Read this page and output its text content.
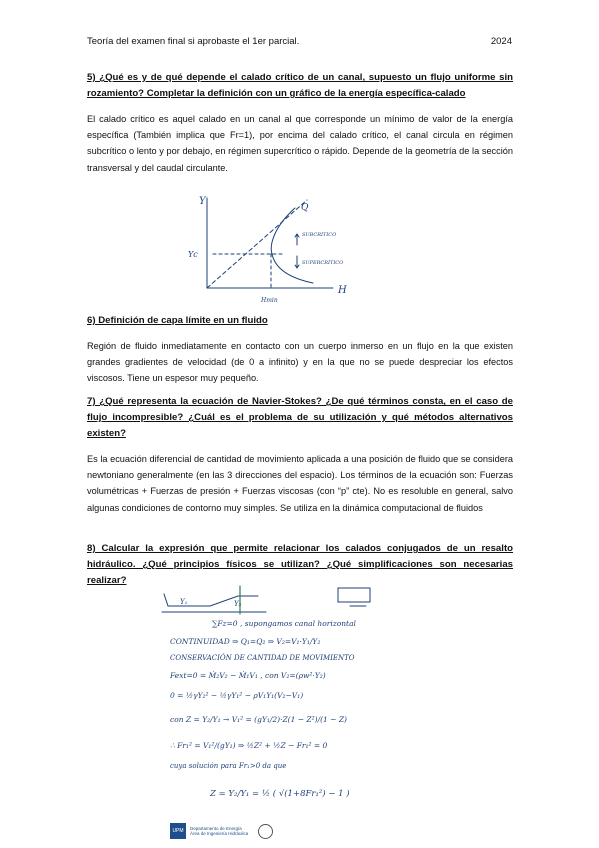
Teoría del examen final si aprobaste el 1er parcial.	2024
5) ¿Qué es y de qué depende el calado crítico de un canal, supuesto un flujo uniforme sin rozamiento? Completar la definición con un gráfico de la energía específica-calado
El calado crítico es aquel calado en un canal al que corresponde un mínimo de valor de la energía específica (También implica que Fr=1), por encima del calado crítico, el canal circula en régimen subcrítico o lento y por debajo, en régimen supercrítico o rápido. Depende de la geometría de la sección transversal y del caudal circulante.
Y
H
Q
Yc
Hmin
SUBCRÍTICO
SUPERCRÍTICO
6) Definición de capa límite en un fluido
Región de fluido inmediatamente en contacto con un cuerpo inmerso en un flujo en la que existen grandes gradientes de velocidad (de 0 a infinito) y en la que no se puede despreciar los efectos viscosos. Tiene un espesor muy pequeño.
7) ¿Qué representa la ecuación de Navier-Stokes? ¿De qué términos consta, en el caso de flujo incompresible? ¿Cuál es el problema de su utilización y qué métodos alternativos existen?
Es la ecuación diferencial de cantidad de movimiento aplicada a una posición de fluido que se considera newtoniano generalmente (en las 3 direcciones del espacio). Los términos de la ecuación son: Fuerzas volumétricas + Fuerzas de presión + Fuerzas viscosas (con “p” cte). No es resoluble en general, salvo algunas condiciones de contorno muy simples. Se utiliza en la dinámica computacional de fluidos
8) Calcular la expresión que permite relacionar los calados conjugados de un resalto hidráulico. ¿Qué principios físicos se utilizan? ¿Qué simplificaciones son necesarias realizar?
Y₁	Y₂
∑Fz=0 , supongamos canal horizontal
CONTINUIDAD ⇒ Q₁=Q₂ ⇒ V₂=V₁·Y₁/Y₂
CONSERVACIÓN DE CANTIDAD DE MOVIMIENTO
Fext=0 = Ṁ₂V₂ − Ṁ₁V₁ , con V₂=(ρw²·Y₂)
0 = ½γY₂² − ½γY₁² − ρV₁Y₁(V₂−V₁)
con Z = Y₂/Y₁ → V₁² = (gY₁/2)·Z(1 − Z²)/(1 − Z)
∴ Fr₁² = V₁²/(gY₁) ⇒ ½Z² + ½Z − Fr₁² = 0
cuya solución para Fr₁>0 da que
Z = Y₂/Y₁ = ½ ( √(1+8Fr₁²) − 1 )
UPM	Departamento de Energía
Área de Ingeniería Hidráulica
